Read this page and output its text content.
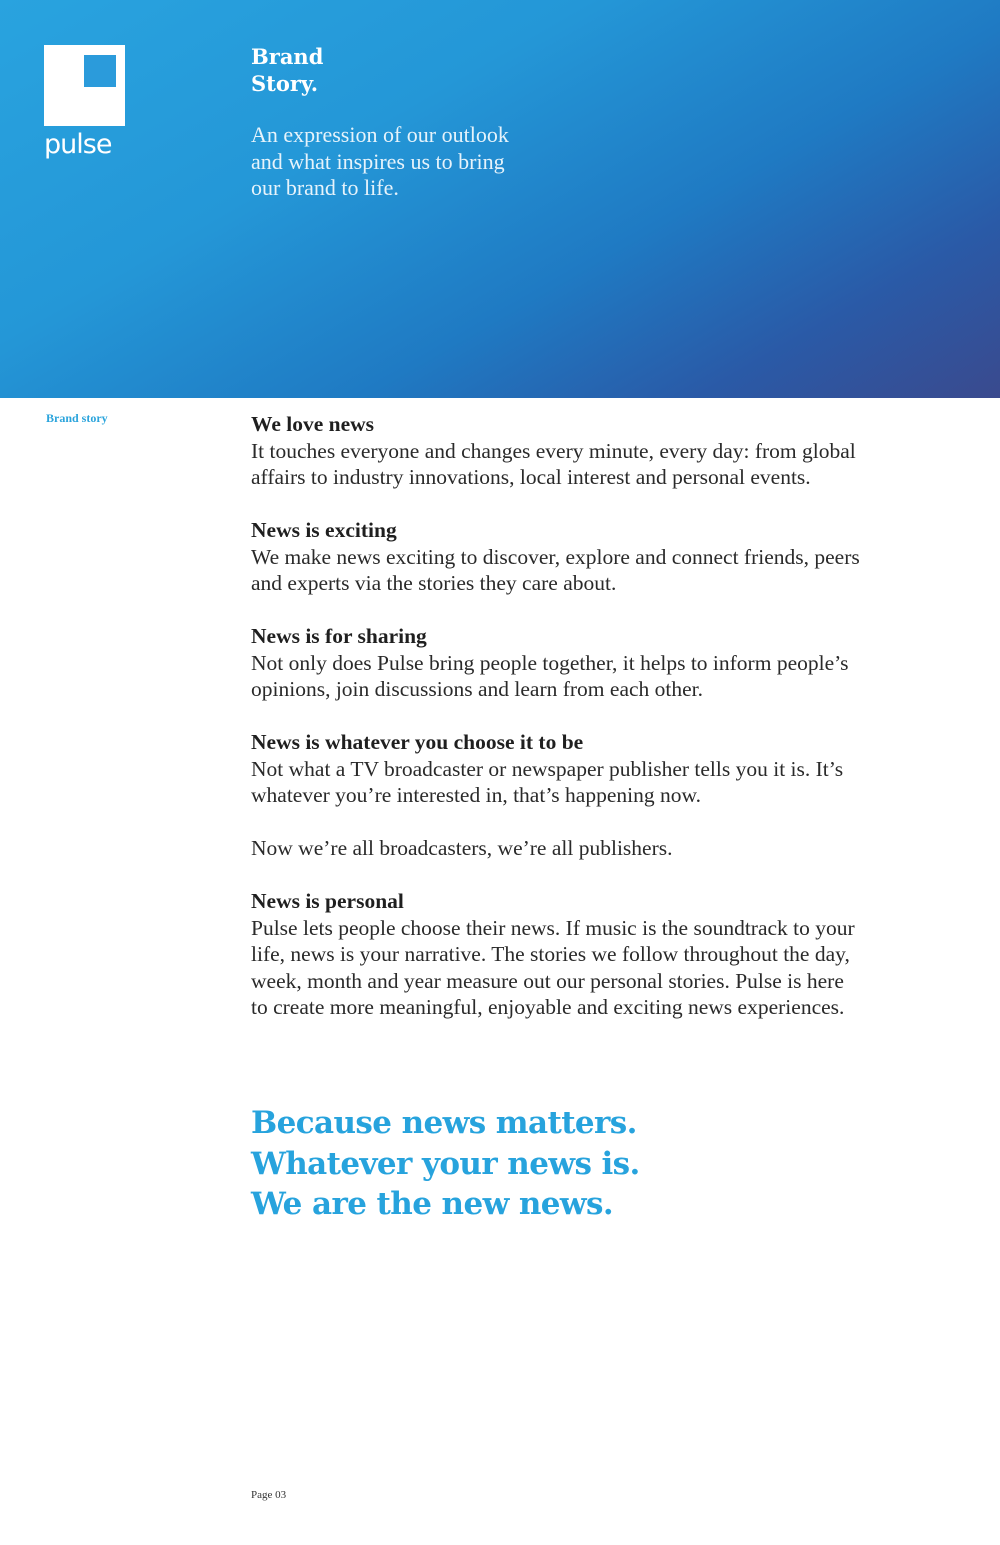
pulse
Brand
Story.

An expression of our outlook and what inspires us to bring our brand to life.

Brand story	We love news

It touches everyone and changes every minute, every day: from global affairs to industry innovations, local interest and personal events.

News is exciting

We make news exciting to discover, explore and connect friends, peers and experts via the stories they care about.

News is for sharing

Not only does Pulse bring people together, it helps to inform people’s opinions, join discussions and learn from each other.

News is whatever you choose it to be

Not what a TV broadcaster or newspaper publisher tells you it is. It’s whatever you’re interested in, that’s happening now.

Now we’re all broadcasters, we’re all publishers.

News is personal

Pulse lets people choose their news. If music is the soundtrack to your life, news is your narrative. The stories we follow throughout the day, week, month and year measure out our personal stories. Pulse is here to create more meaningful, enjoyable and exciting news experiences.

Because news matters.
Whatever your news is.
We are the new news.

Page 03
